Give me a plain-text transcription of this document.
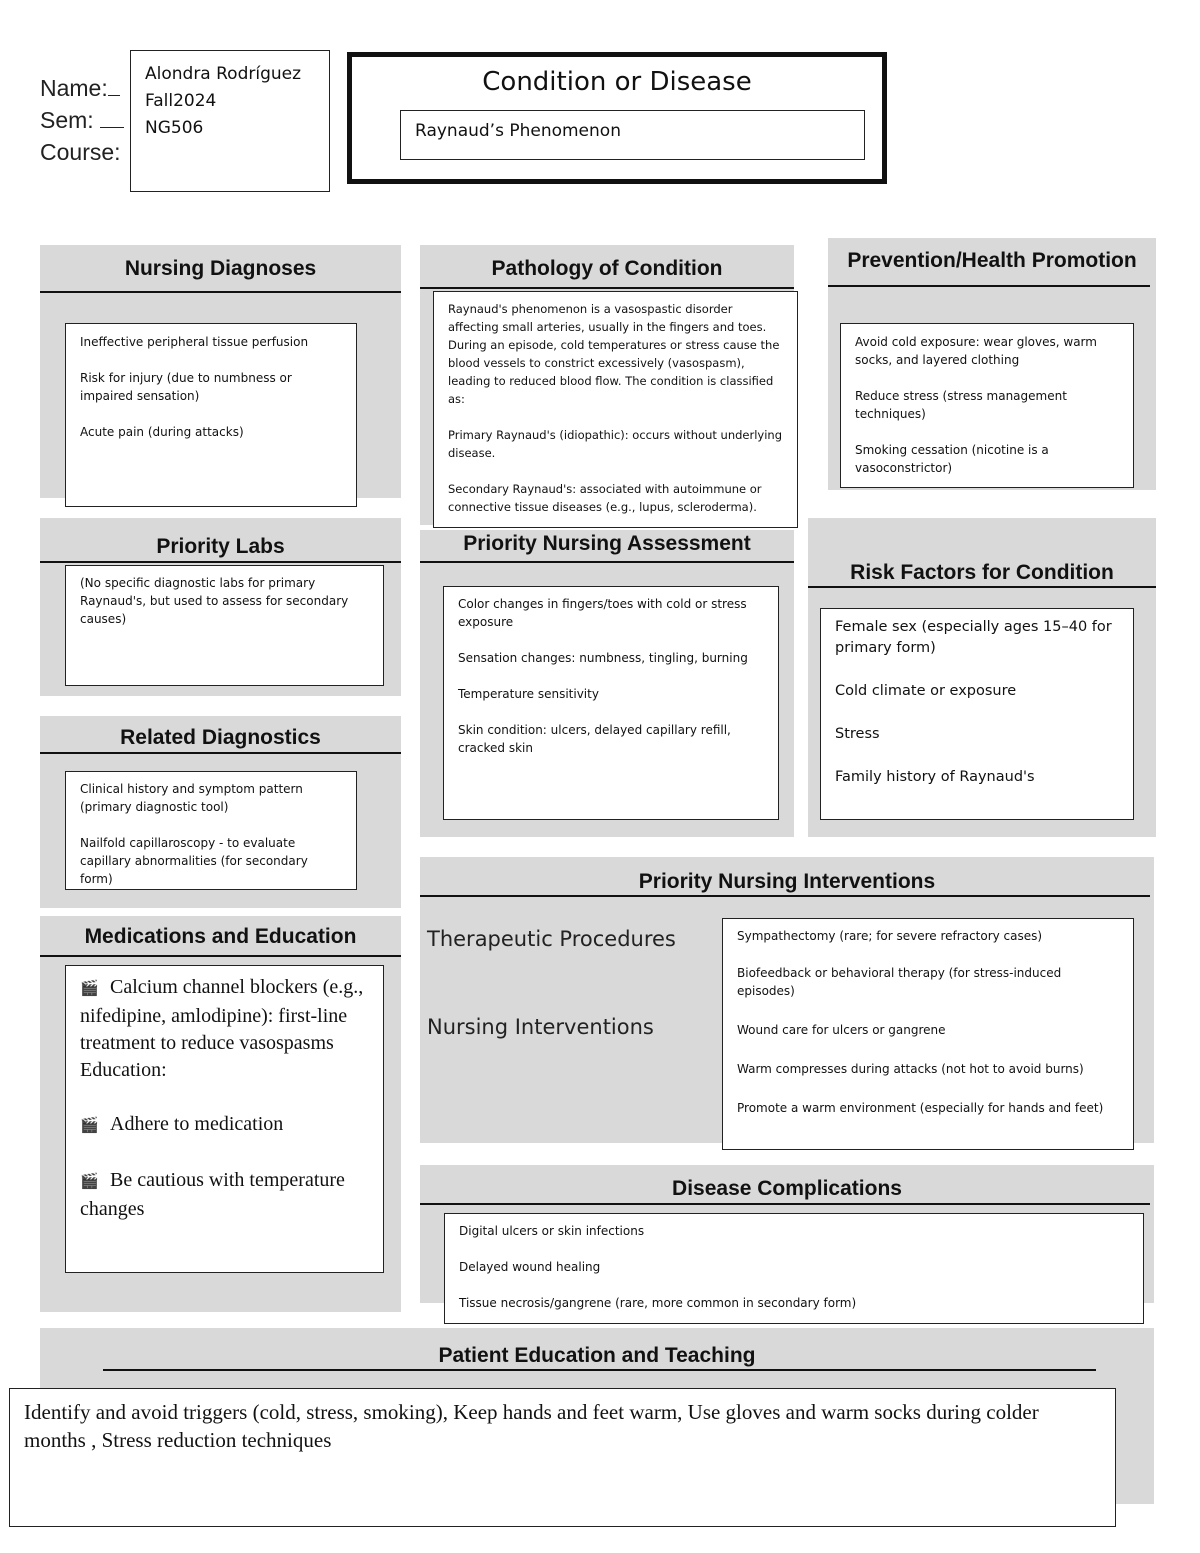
Name:
Sem:
Course:
Alondra Rodríguez
Fall2024
NG506
Condition or Disease
Raynaud’s Phenomenon
Nursing Diagnoses

Ineffective peripheral tissue perfusion

Risk for injury (due to numbness or impaired sensation)

Acute pain (during attacks)

Pathology of Condition

Raynaud's phenomenon is a vasospastic disorder affecting small arteries, usually in the fingers and toes. During an episode, cold temperatures or stress cause the blood vessels to constrict excessively (vasospasm), leading to reduced blood flow. The condition is classified as:

Primary Raynaud's (idiopathic): occurs without underlying disease.

Secondary Raynaud's: associated with autoimmune or connective tissue diseases (e.g., lupus, scleroderma).

Prevention/Health Promotion

Avoid cold exposure: wear gloves, warm socks, and layered clothing

Reduce stress (stress management techniques)

Smoking cessation (nicotine is a vasoconstrictor)

Priority Labs

(No specific diagnostic labs for primary Raynaud's, but used to assess for secondary causes)

Priority Nursing Assessment

Color changes in fingers/toes with cold or stress exposure

Sensation changes: numbness, tingling, burning

Temperature sensitivity

Skin condition: ulcers, delayed capillary refill, cracked skin

Risk Factors for Condition

Female sex (especially ages 15–40 for primary form)

Cold climate or exposure

Stress

Family history of Raynaud's

Related Diagnostics

Clinical history and symptom pattern (primary diagnostic tool)

Nailfold capillaroscopy - to evaluate capillary abnormalities (for secondary form)	Priority Nursing Interventions
Therapeutic Procedures
Nursing Interventions

Sympathectomy (rare; for severe refractory cases)

Biofeedback or behavioral therapy (for stress-induced episodes)

Wound care for ulcers or gangrene

Warm compresses during attacks (not hot to avoid burns)

Promote a warm environment (especially for hands and feet)

Medications and Education
🎬 Calcium channel blockers (e.g., nifedipine, amlodipine): first-line treatment to reduce vasospasms
Education:
🎬 Adhere to medication
🎬 Be cautious with temperature changes
Disease Complications

Digital ulcers or skin infections

Delayed wound healing

Tissue necrosis/gangrene (rare, more common in secondary form)

Patient Education and Teaching
Identify and avoid triggers (cold, stress, smoking), Keep hands and feet warm, Use gloves and warm socks during colder months , Stress reduction techniques
